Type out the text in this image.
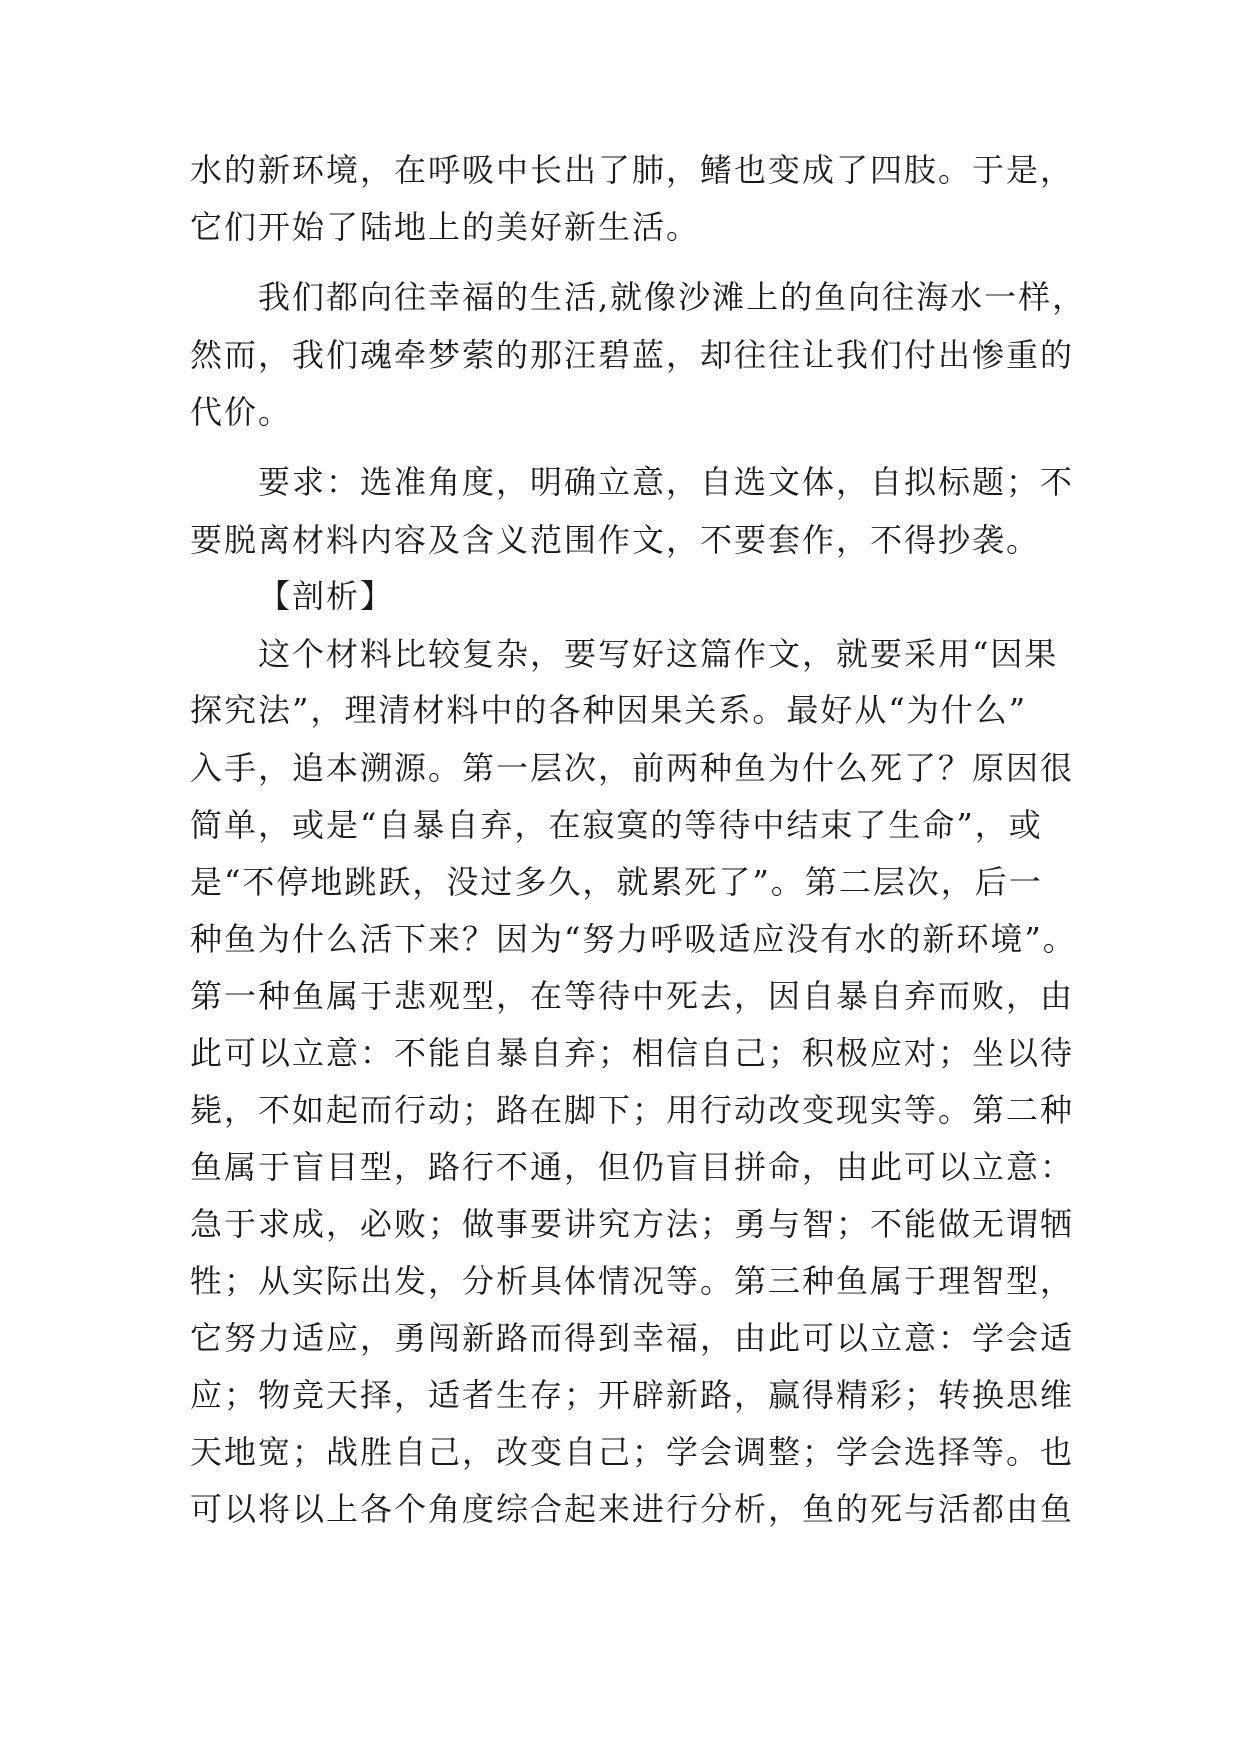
水的新环境，在呼吸中长出了肺，鳍也变成了四肢。于是，
它们开始了陆地上的美好新生活。
我们都向往幸福的生活,就像沙滩上的鱼向往海水一样，
然而，我们魂牵梦萦的那汪碧蓝，却往往让我们付出惨重的
代价。
要求：选准角度，明确立意，自选文体，自拟标题；不
要脱离材料内容及含义范围作文，不要套作，不得抄袭。
【剖析】
这个材料比较复杂，要写好这篇作文，就要采用“因果
探究法”，理清材料中的各种因果关系。最好从“为什么”
入手，追本溯源。第一层次，前两种鱼为什么死了？原因很
简单，或是“自暴自弃，在寂寞的等待中结束了生命”，或
是“不停地跳跃，没过多久，就累死了”。第二层次，后一
种鱼为什么活下来？因为“努力呼吸适应没有水的新环境”。
第一种鱼属于悲观型，在等待中死去，因自暴自弃而败，由
此可以立意：不能自暴自弃；相信自己；积极应对；坐以待
毙，不如起而行动；路在脚下；用行动改变现实等。第二种
鱼属于盲目型，路行不通，但仍盲目拼命，由此可以立意：
急于求成，必败；做事要讲究方法；勇与智；不能做无谓牺
牲；从实际出发，分析具体情况等。第三种鱼属于理智型，
它努力适应，勇闯新路而得到幸福，由此可以立意：学会适
应；物竞天择，适者生存；开辟新路，赢得精彩；转换思维
天地宽；战胜自己，改变自己；学会调整；学会选择等。也
可以将以上各个角度综合起来进行分析，鱼的死与活都由鱼
